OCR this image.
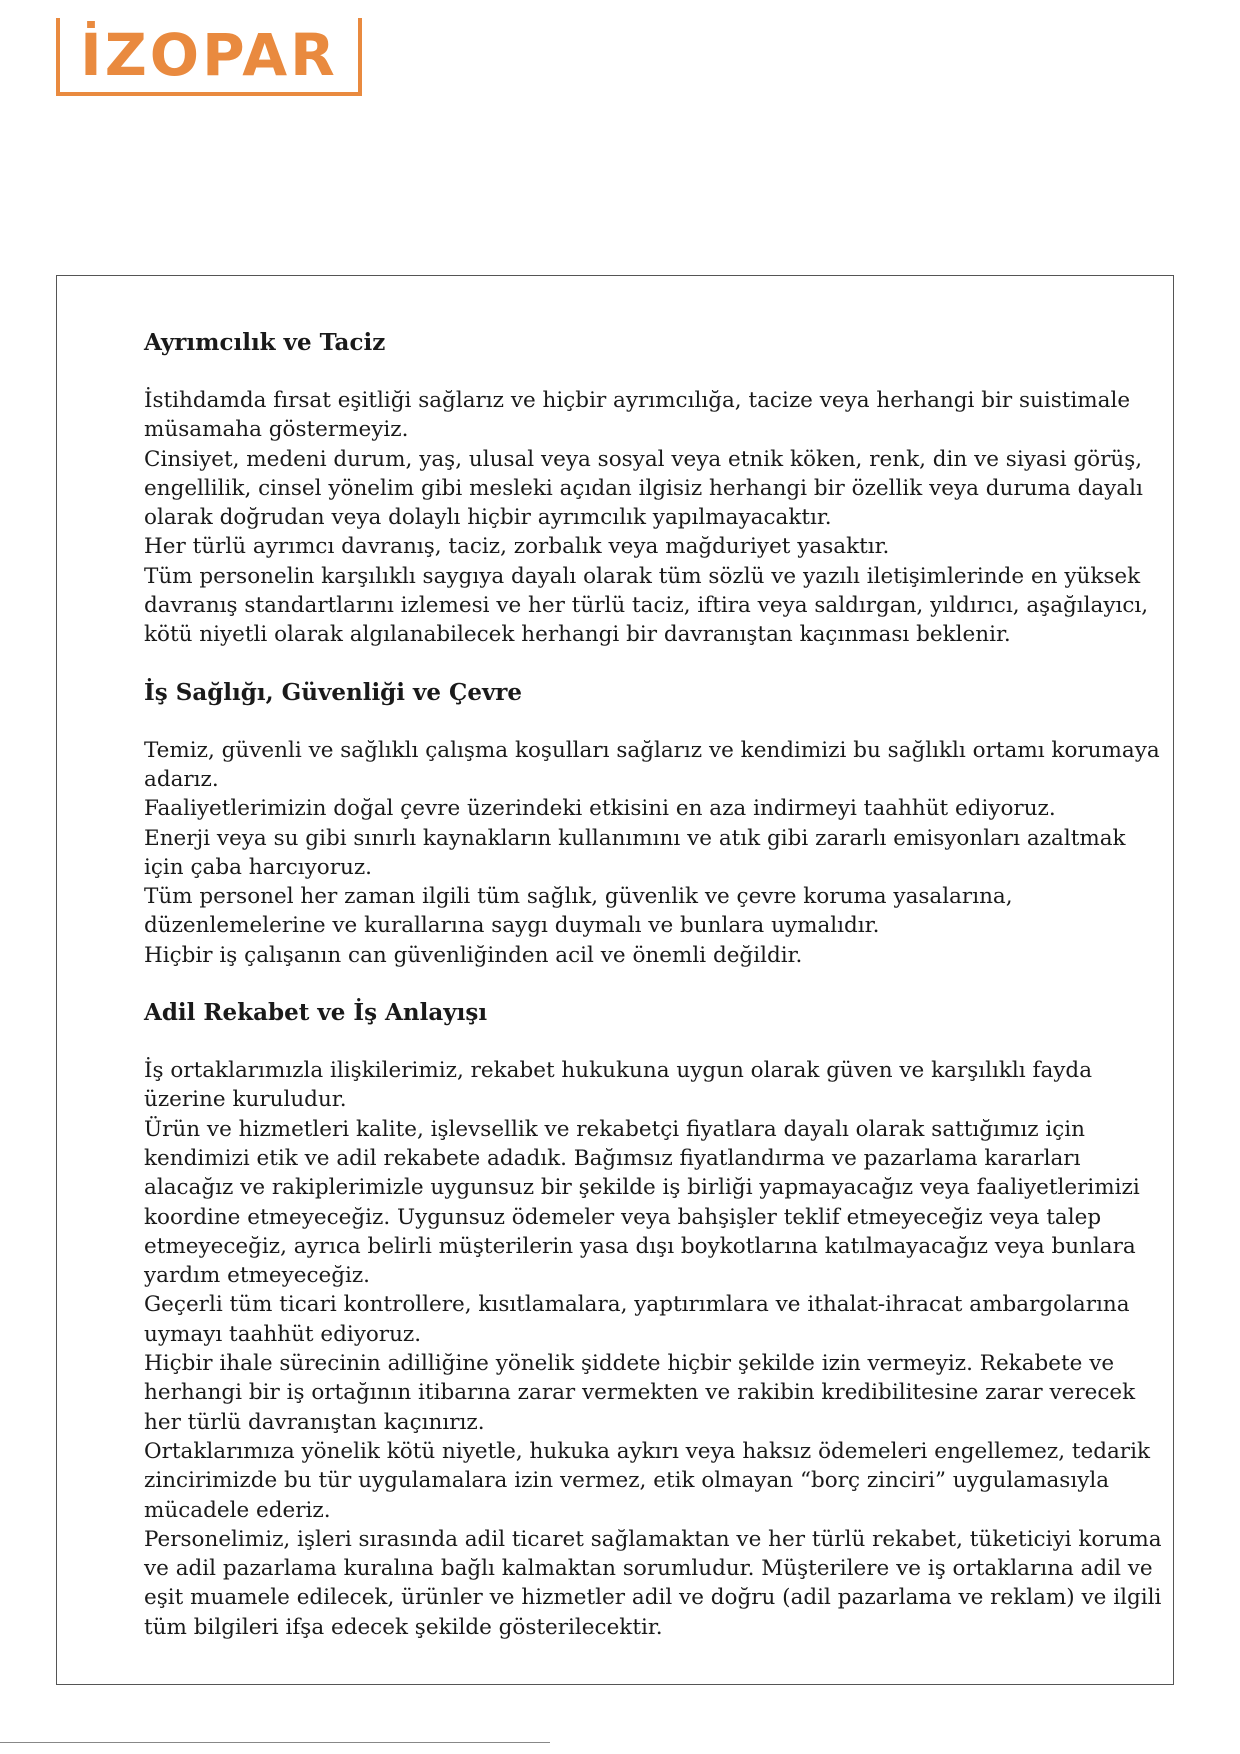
İZOPAR
Ayrımcılık ve Taciz

İstihdamda fırsat eşitliği sağlarız ve hiçbir ayrımcılığa, tacize veya herhangi bir suistimale müsamaha göstermeyiz.

Cinsiyet, medeni durum, yaş, ulusal veya sosyal veya etnik köken, renk, din ve siyasi görüş, engellilik, cinsel yönelim gibi mesleki açıdan ilgisiz herhangi bir özellik veya duruma dayalı olarak doğrudan veya dolaylı hiçbir ayrımcılık yapılmayacaktır.

Her türlü ayrımcı davranış, taciz, zorbalık veya mağduriyet yasaktır.

Tüm personelin karşılıklı saygıya dayalı olarak tüm sözlü ve yazılı iletişimlerinde en yüksek davranış standartlarını izlemesi ve her türlü taciz, iftira veya saldırgan, yıldırıcı, aşağılayıcı, kötü niyetli olarak algılanabilecek herhangi bir davranıştan kaçınması beklenir.

İş Sağlığı, Güvenliği ve Çevre

Temiz, güvenli ve sağlıklı çalışma koşulları sağlarız ve kendimizi bu sağlıklı ortamı korumaya adarız.

Faaliyetlerimizin doğal çevre üzerindeki etkisini en aza indirmeyi taahhüt ediyoruz.

Enerji veya su gibi sınırlı kaynakların kullanımını ve atık gibi zararlı emisyonları azaltmak için çaba harcıyoruz.

Tüm personel her zaman ilgili tüm sağlık, güvenlik ve çevre koruma yasalarına, düzenlemelerine ve kurallarına saygı duymalı ve bunlara uymalıdır.

Hiçbir iş çalışanın can güvenliğinden acil ve önemli değildir.

Adil Rekabet ve İş Anlayışı

İş ortaklarımızla ilişkilerimiz, rekabet hukukuna uygun olarak güven ve karşılıklı fayda üzerine kuruludur.

Ürün ve hizmetleri kalite, işlevsellik ve rekabetçi fiyatlara dayalı olarak sattığımız için kendimizi etik ve adil rekabete adadık. Bağımsız fiyatlandırma ve pazarlama kararları alacağız ve rakiplerimizle uygunsuz bir şekilde iş birliği yapmayacağız veya faaliyetlerimizi koordine etmeyeceğiz. Uygunsuz ödemeler veya bahşişler teklif etmeyeceğiz veya talep etmeyeceğiz, ayrıca belirli müşterilerin yasa dışı boykotlarına katılmayacağız veya bunlara yardım etmeyeceğiz.

Geçerli tüm ticari kontrollere, kısıtlamalara, yaptırımlara ve ithalat-ihracat ambargolarına uymayı taahhüt ediyoruz.

Hiçbir ihale sürecinin adilliğine yönelik şiddete hiçbir şekilde izin vermeyiz. Rekabete ve herhangi bir iş ortağının itibarına zarar vermekten ve rakibin kredibilitesine zarar verecek her türlü davranıştan kaçınırız.

Ortaklarımıza yönelik kötü niyetle, hukuka aykırı veya haksız ödemeleri engellemez, tedarik zincirimizde bu tür uygulamalara izin vermez, etik olmayan “borç zinciri” uygulamasıyla mücadele ederiz.

Personelimiz, işleri sırasında adil ticaret sağlamaktan ve her türlü rekabet, tüketiciyi koruma ve adil pazarlama kuralına bağlı kalmaktan sorumludur. Müşterilere ve iş ortaklarına adil ve eşit muamele edilecek, ürünler ve hizmetler adil ve doğru (adil pazarlama ve reklam) ve ilgili tüm bilgileri ifşa edecek şekilde gösterilecektir.
